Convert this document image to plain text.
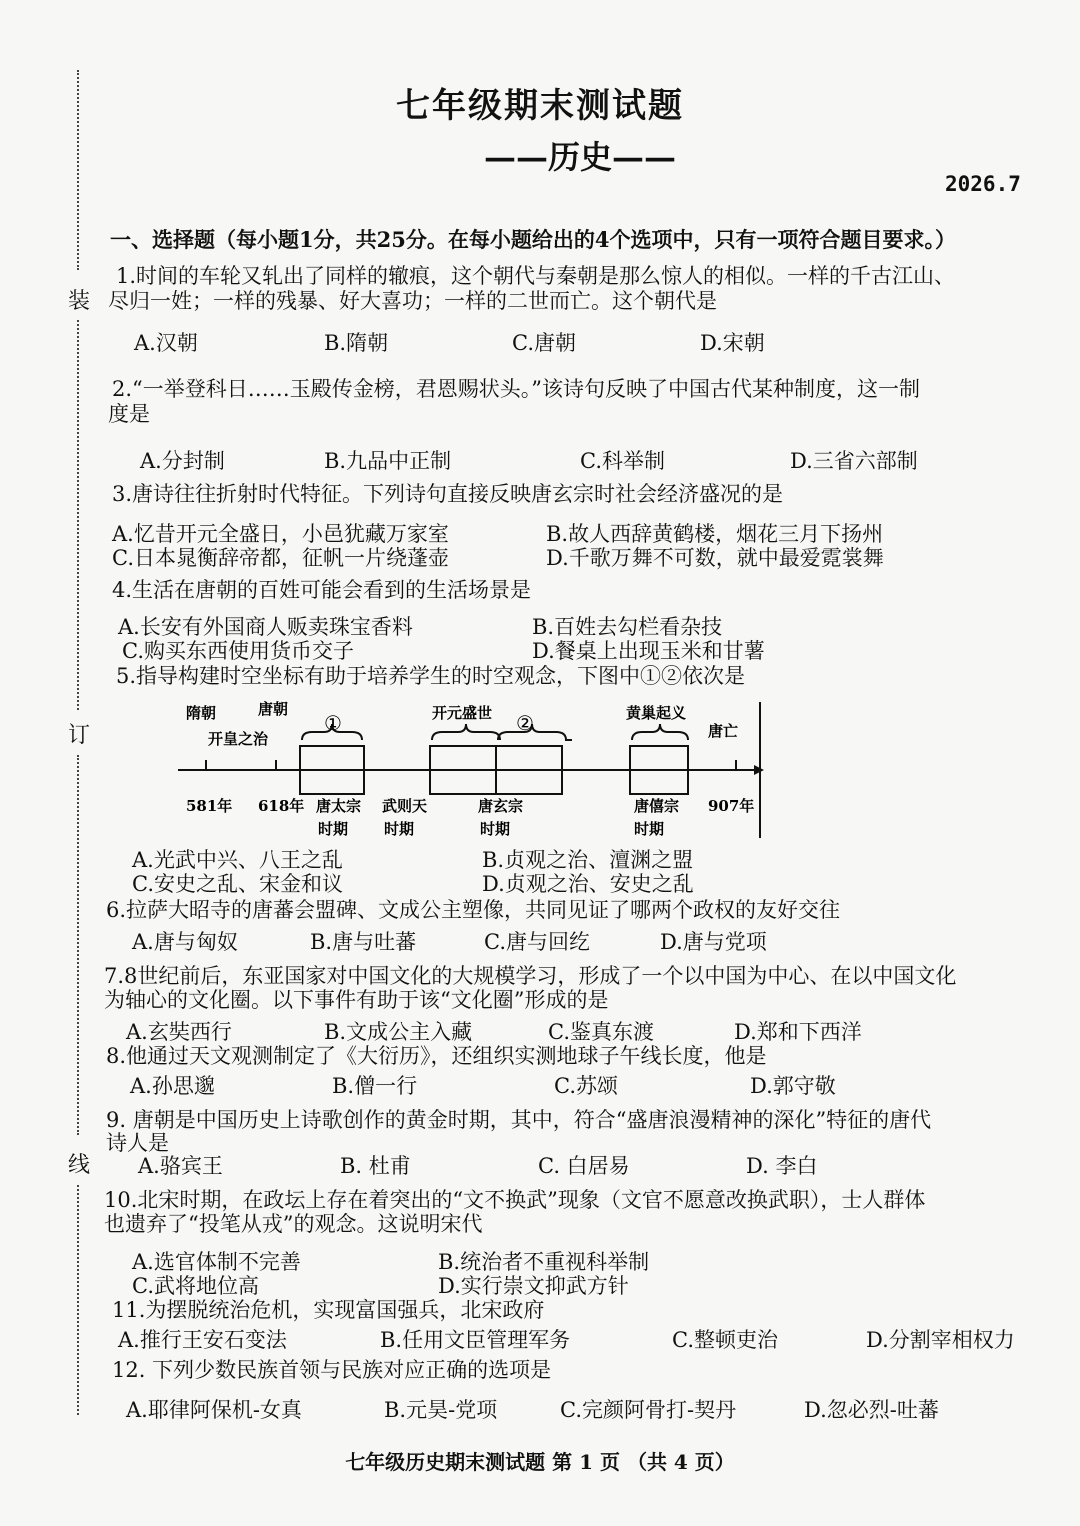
装
订
线
七年级期末测试题
——历史——
2026.7
一、选择题（每小题1分，共25分。在每小题给出的4个选项中，只有一项符合题目要求。）
1.时间的车轮又轧出了同样的辙痕，这个朝代与秦朝是那么惊人的相似。一样的千古江山、
尽归一姓；一样的残暴、好大喜功；一样的二世而亡。这个朝代是
A.汉朝	B.隋朝	C.唐朝	D.宋朝
2.“一举登科日……玉殿传金榜，君恩赐状头。”该诗句反映了中国古代某种制度，这一制
度是
A.分封制	B.九品中正制	C.科举制	D.三省六部制
3.唐诗往往折射时代特征。下列诗句直接反映唐玄宗时社会经济盛况的是
A.忆昔开元全盛日，小邑犹藏万家室	B.故人西辞黄鹤楼，烟花三月下扬州
C.日本晁衡辞帝都，征帆一片绕蓬壶	D.千歌万舞不可数，就中最爱霓裳舞
4.生活在唐朝的百姓可能会看到的生活场景是
A.长安有外国商人贩卖珠宝香料	B.百姓去勾栏看杂技
C.购买东西使用货币交子	D.餐桌上出现玉米和甘薯
5.指导构建时空坐标有助于培养学生的时空观念，下图中①②依次是
隋朝	唐朝
开皇之治
①	开元盛世 ②	黄巢起义
唐亡
581年 618年 唐太宗
时期
武则天
时期
唐玄宗
时期
唐僖宗
时期
907年
A.光武中兴、八王之乱	B.贞观之治、澶渊之盟
C.安史之乱、宋金和议	D.贞观之治、安史之乱
6.拉萨大昭寺的唐蕃会盟碑、文成公主塑像，共同见证了哪两个政权的友好交往
A.唐与匈奴	B.唐与吐蕃	C.唐与回纥	D.唐与党项
7.8世纪前后，东亚国家对中国文化的大规模学习，形成了一个以中国为中心、在以中国文化
为轴心的文化圈。以下事件有助于该“文化圈”形成的是
A.玄奘西行	B.文成公主入藏	C.鉴真东渡	D.郑和下西洋
8.他通过天文观测制定了《大衍历》，还组织实测地球子午线长度，他是
A.孙思邈	B.僧一行	C.苏颂	D.郭守敬
9. 唐朝是中国历史上诗歌创作的黄金时期，其中，符合“盛唐浪漫精神的深化”特征的唐代
诗人是
A.骆宾王	B. 杜甫	C. 白居易	D. 李白
10.北宋时期，在政坛上存在着突出的“文不换武”现象（文官不愿意改换武职），士人群体
也遗弃了“投笔从戎”的观念。这说明宋代
A.选官体制不完善	B.统治者不重视科举制
C.武将地位高	D.实行崇文抑武方针
11.为摆脱统治危机，实现富国强兵，北宋政府
A.推行王安石变法	B.任用文臣管理军务	C.整顿吏治	D.分割宰相权力
12. 下列少数民族首领与民族对应正确的选项是
A.耶律阿保机-女真	B.元昊-党项	C.完颜阿骨打-契丹	D.忽必烈-吐蕃
七年级历史期末测试题 第 1 页 （共 4 页）
